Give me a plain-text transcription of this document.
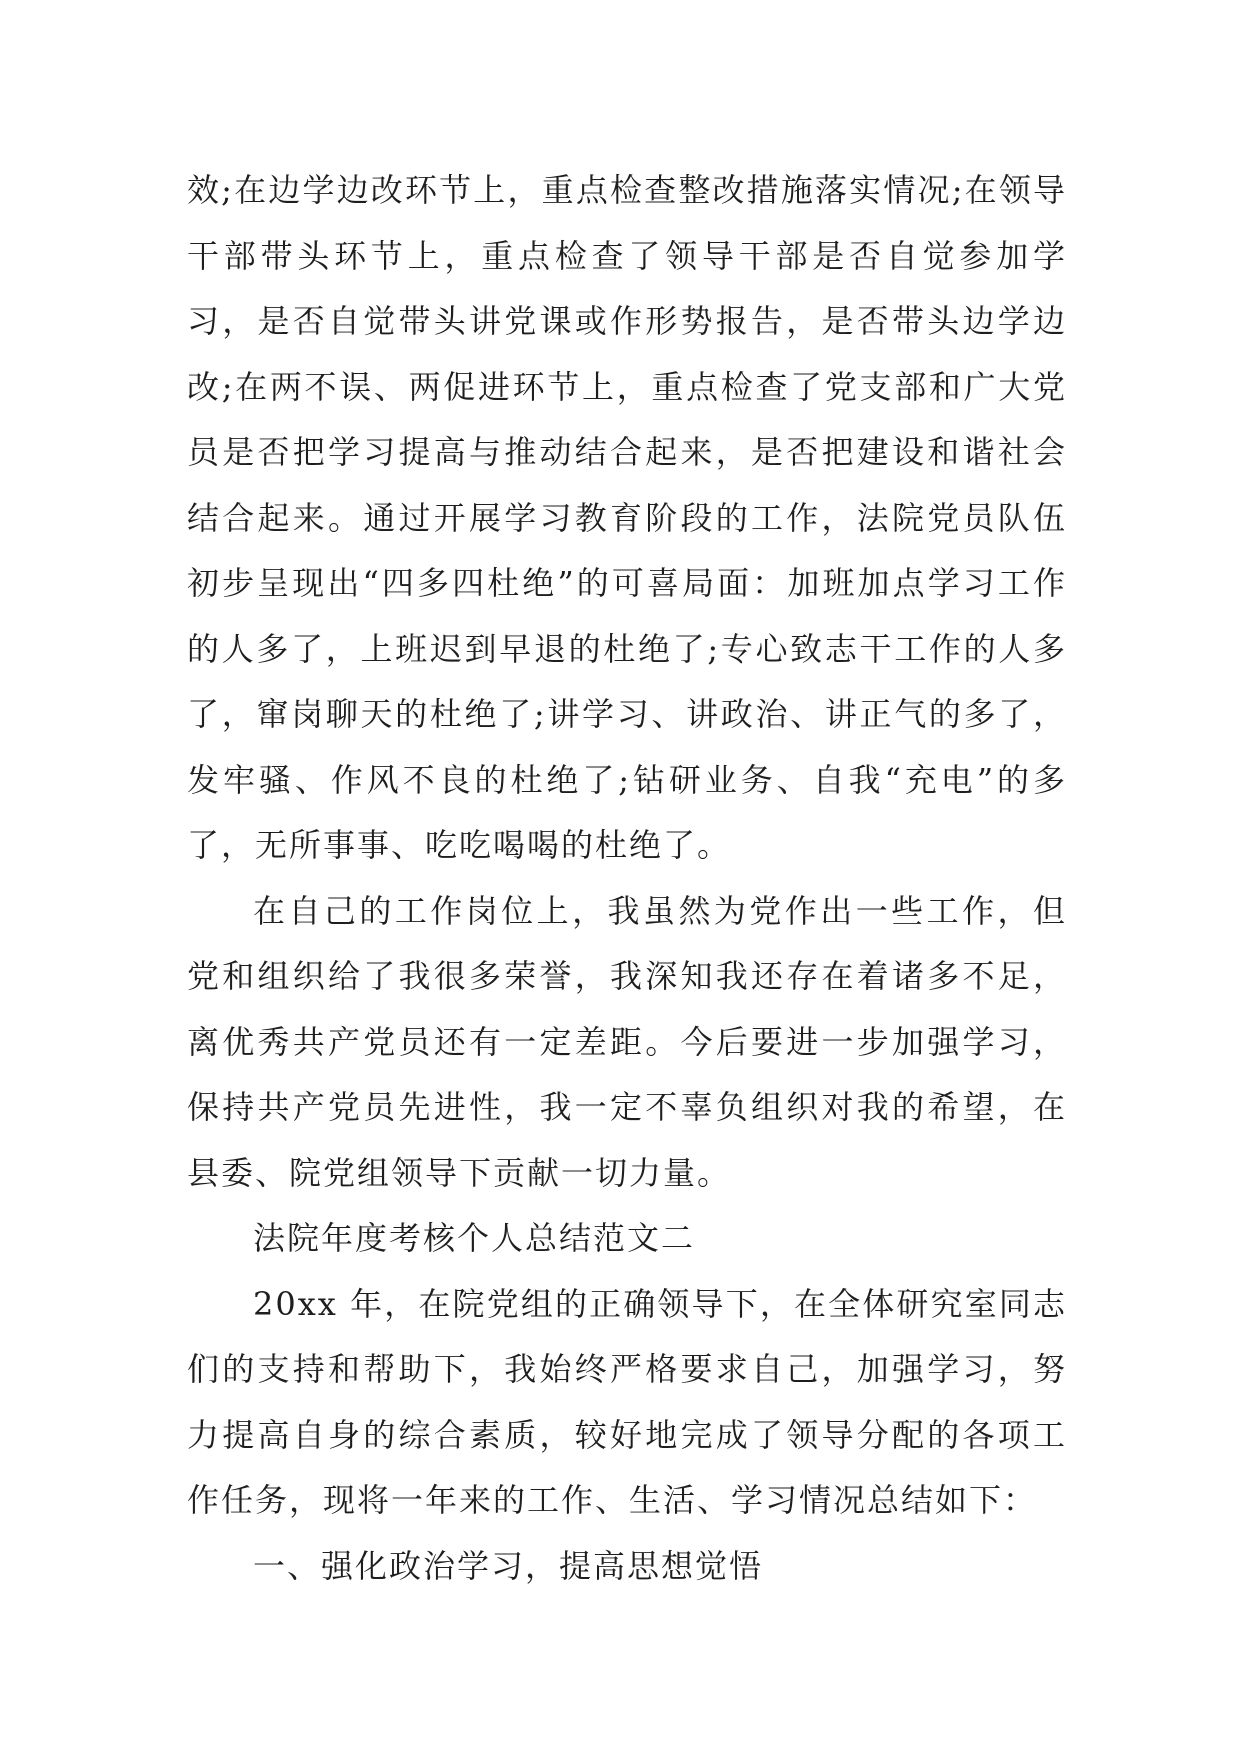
效;在边学边改环节上，重点检查整改措施落实情况;在领导干部带头环节上，重点检查了领导干部是否自觉参加学习，是否自觉带头讲党课或作形势报告，是否带头边学边改;在两不误、两促进环节上，重点检查了党支部和广大党员是否把学习提高与推动结合起来，是否把建设和谐社会结合起来。通过开展学习教育阶段的工作，法院党员队伍初步呈现出“四多四杜绝”的可喜局面：加班加点学习工作的人多了，上班迟到早退的杜绝了;专心致志干工作的人多了，窜岗聊天的杜绝了;讲学习、讲政治、讲正气的多了，发牢骚、作风不良的杜绝了;钻研业务、自我“充电”的多了，无所事事、吃吃喝喝的杜绝了。

在自己的工作岗位上，我虽然为党作出一些工作，但党和组织给了我很多荣誉，我深知我还存在着诸多不足，离优秀共产党员还有一定差距。今后要进一步加强学习，保持共产党员先进性，我一定不辜负组织对我的希望，在县委、院党组领导下贡献一切力量。

法院年度考核个人总结范文二

20xx 年，在院党组的正确领导下，在全体研究室同志们的支持和帮助下，我始终严格要求自己，加强学习，努力提高自身的综合素质，较好地完成了领导分配的各项工作任务，现将一年来的工作、生活、学习情况总结如下：

一、强化政治学习，提高思想觉悟
